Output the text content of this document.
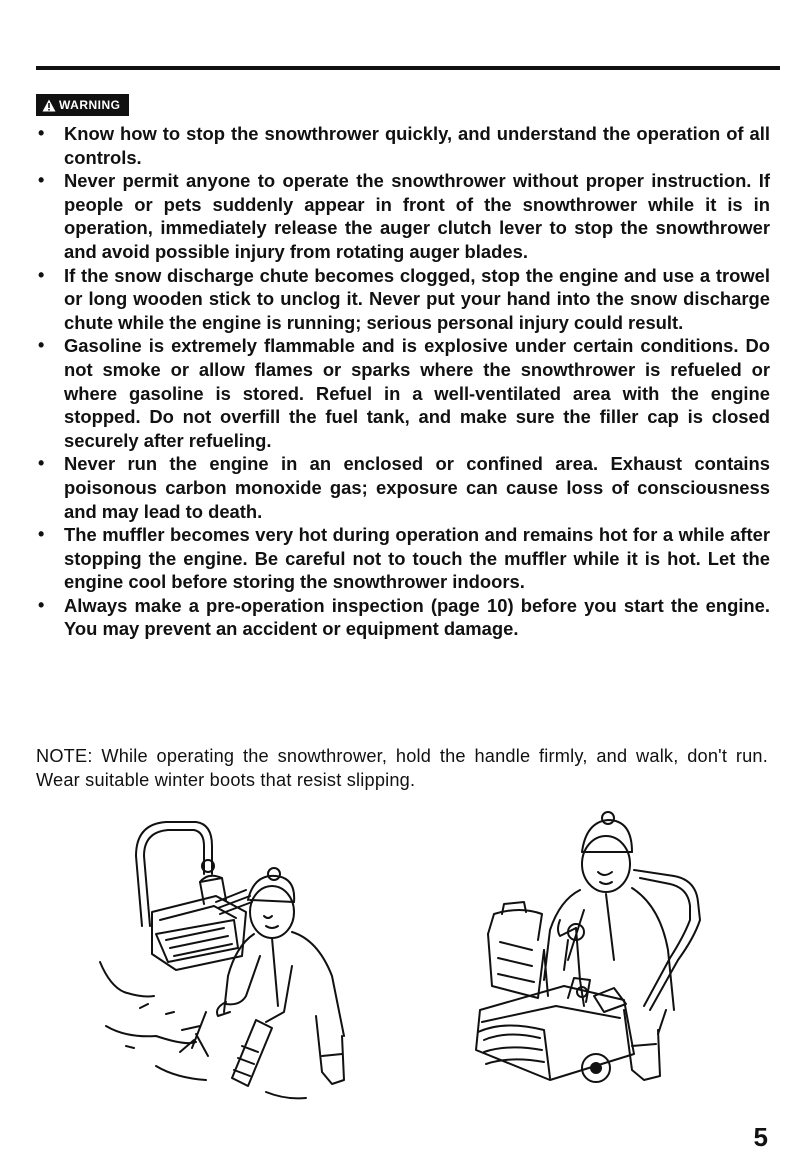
WARNING
• Know how to stop the snowthrower quickly, and understand the operation of all controls.
• Never permit anyone to operate the snowthrower without proper instruction. If people or pets suddenly appear in front of the snowthrower while it is in operation, immediately release the auger clutch lever to stop the snowthrower and avoid possible injury from rotating auger blades.
• If the snow discharge chute becomes clogged, stop the engine and use a trowel or long wooden stick to unclog it. Never put your hand into the snow discharge chute while the engine is running; serious personal injury could result.
• Gasoline is extremely flammable and is explosive under certain conditions. Do not smoke or allow flames or sparks where the snowthrower is refueled or where gasoline is stored. Refuel in a well-ventilated area with the engine stopped. Do not overfill the fuel tank, and make sure the filler cap is closed securely after refueling.
• Never run the engine in an enclosed or confined area. Exhaust contains poisonous carbon monoxide gas; exposure can cause loss of consciousness and may lead to death.
• The muffler becomes very hot during operation and remains hot for a while after stopping the engine. Be careful not to touch the muffler while it is hot. Let the engine cool before storing the snowthrower indoors.
• Always make a pre-operation inspection (page 10) before you start the engine. You may prevent an accident or equipment damage.
NOTE: While operating the snowthrower, hold the handle firmly, and walk, don't run. Wear suitable winter boots that resist slipping.
5
